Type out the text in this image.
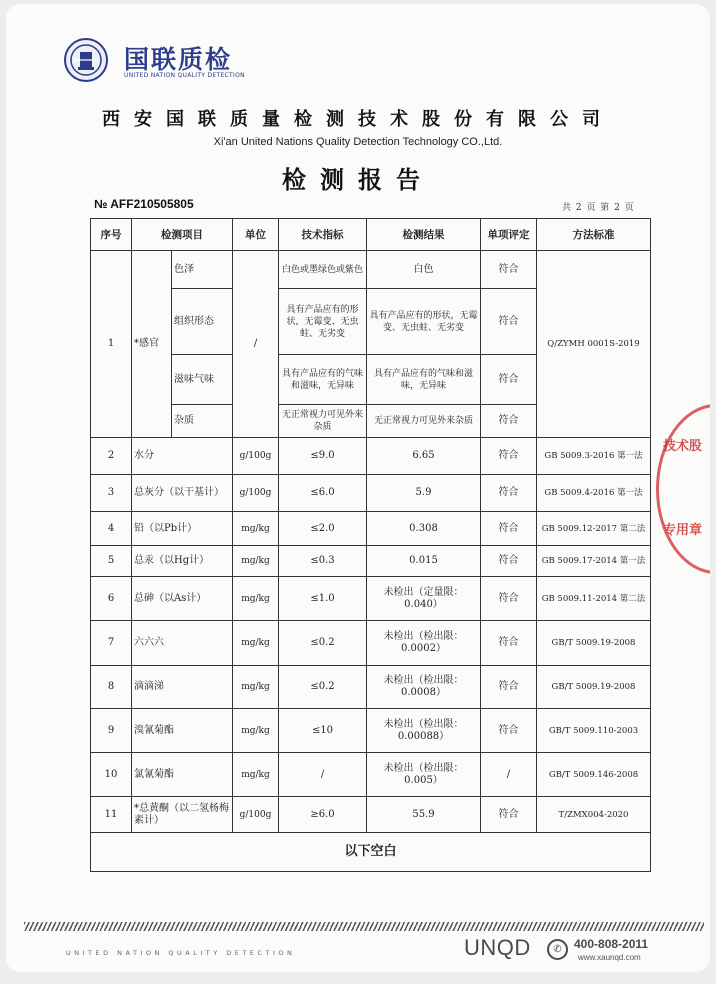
国联质检
UNITED NATION QUALITY DETECTION
西安国联质量检测技术股份有限公司
Xi'an United Nations Quality Detection Technology CO.,Ltd.
检测报告
№ AFF210505805	共 2 页 第 2 页
序号	检测项目		单位	技术指标	检测结果	单项评定	方法标准
1	*感官	色泽	/	白色或墨绿色或紫色	白色	符合	Q/ZYMH 0001S-2019
		组织形态		具有产品应有的形状，无霉变、无虫蛀、无劣变	具有产品应有的形状，无霉变、无虫蛀、无劣变	符合	
		滋味气味		具有产品应有的气味和滋味，无异味	具有产品应有的气味和滋味，无异味	符合	
		杂质		无正常视力可见外来杂质	无正常视力可见外来杂质	符合	
2	水分		g/100g	≤9.0	6.65	符合	GB 5009.3-2016 第一法
3	总灰分（以干基计）		g/100g	≤6.0	5.9	符合	GB 5009.4-2016 第一法
4	铅（以Pb计）		mg/kg	≤2.0	0.308	符合	GB 5009.12-2017 第二法
5	总汞（以Hg计）		mg/kg	≤0.3	0.015	符合	GB 5009.17-2014 第一法
6	总砷（以As计）		mg/kg	≤1.0	未检出（定量限：0.040）	符合	GB 5009.11-2014 第二法
7	六六六		mg/kg	≤0.2	未检出（检出限：0.0002）	符合	GB/T 5009.19-2008
8	滴滴涕		mg/kg	≤0.2	未检出（检出限：0.0008）	符合	GB/T 5009.19-2008
9	溴氰菊酯		mg/kg	≤10	未检出（检出限：0.00088）	符合	GB/T 5009.110-2003
10	氯氰菊酯		mg/kg	/	未检出（检出限：0.005）	/	GB/T 5009.146-2008
11	*总黄酮（以二氢杨梅素计）		g/100g	≥6.0	55.9	符合	T/ZMX004-2020
以下空白							
技术股
专用章
UNITED NATION QUALITY DETECTION	UNQD	✆	400-808-2011
www.xaunqd.com
